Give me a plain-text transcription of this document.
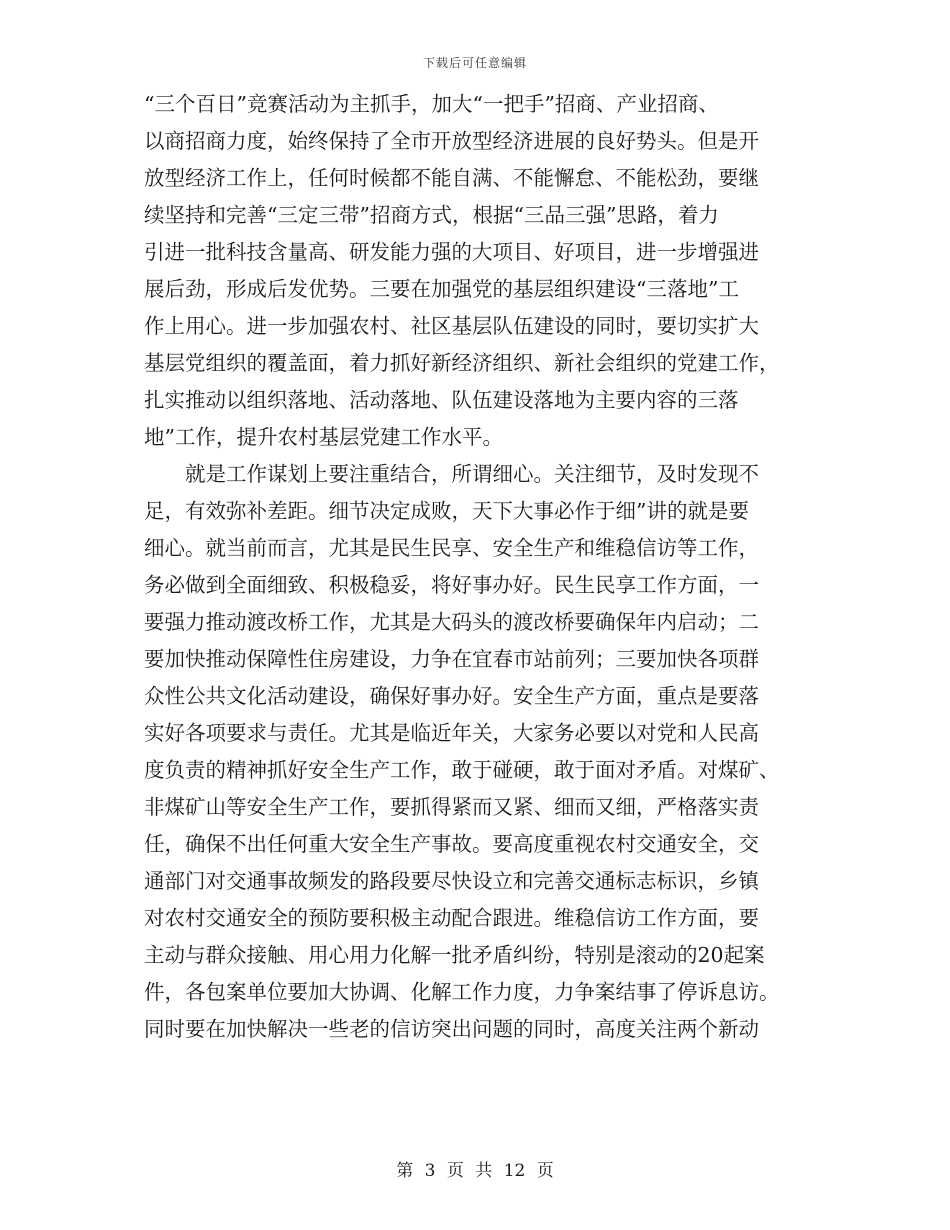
下载后可任意编辑
“三个百日”竞赛活动为主抓手，加大“一把手”招商、产业招商、
以商招商力度，始终保持了全市开放型经济进展的良好势头。但是开
放型经济工作上，任何时候都不能自满、不能懈怠、不能松劲，要继
续坚持和完善“三定三带”招商方式，根据“三品三强”思路，着力
引进一批科技含量高、研发能力强的大项目、好项目，进一步增强进
展后劲，形成后发优势。三要在加强党的基层组织建设“三落地”工
作上用心。进一步加强农村、社区基层队伍建设的同时，要切实扩大
基层党组织的覆盖面，着力抓好新经济组织、新社会组织的党建工作，
扎实推动以组织落地、活动落地、队伍建设落地为主要内容的三落
地”工作，提升农村基层党建工作水平。
就是工作谋划上要注重结合，所谓细心。关注细节，及时发现不
足，有效弥补差距。细节决定成败，天下大事必作于细”讲的就是要
细心。就当前而言，尤其是民生民享、安全生产和维稳信访等工作，
务必做到全面细致、积极稳妥，将好事办好。民生民享工作方面，一
要强力推动渡改桥工作，尤其是大码头的渡改桥要确保年内启动；二
要加快推动保障性住房建设，力争在宜春市站前列；三要加快各项群
众性公共文化活动建设，确保好事办好。安全生产方面，重点是要落
实好各项要求与责任。尤其是临近年关，大家务必要以对党和人民高
度负责的精神抓好安全生产工作，敢于碰硬，敢于面对矛盾。对煤矿、
非煤矿山等安全生产工作，要抓得紧而又紧、细而又细，严格落实责
任，确保不出任何重大安全生产事故。要高度重视农村交通安全，交
通部门对交通事故频发的路段要尽快设立和完善交通标志标识，乡镇
对农村交通安全的预防要积极主动配合跟进。维稳信访工作方面，要
主动与群众接触、用心用力化解一批矛盾纠纷，特别是滚动的20起案
件，各包案单位要加大协调、化解工作力度，力争案结事了停诉息访。
同时要在加快解决一些老的信访突出问题的同时，高度关注两个新动
第 3 页 共 12 页
